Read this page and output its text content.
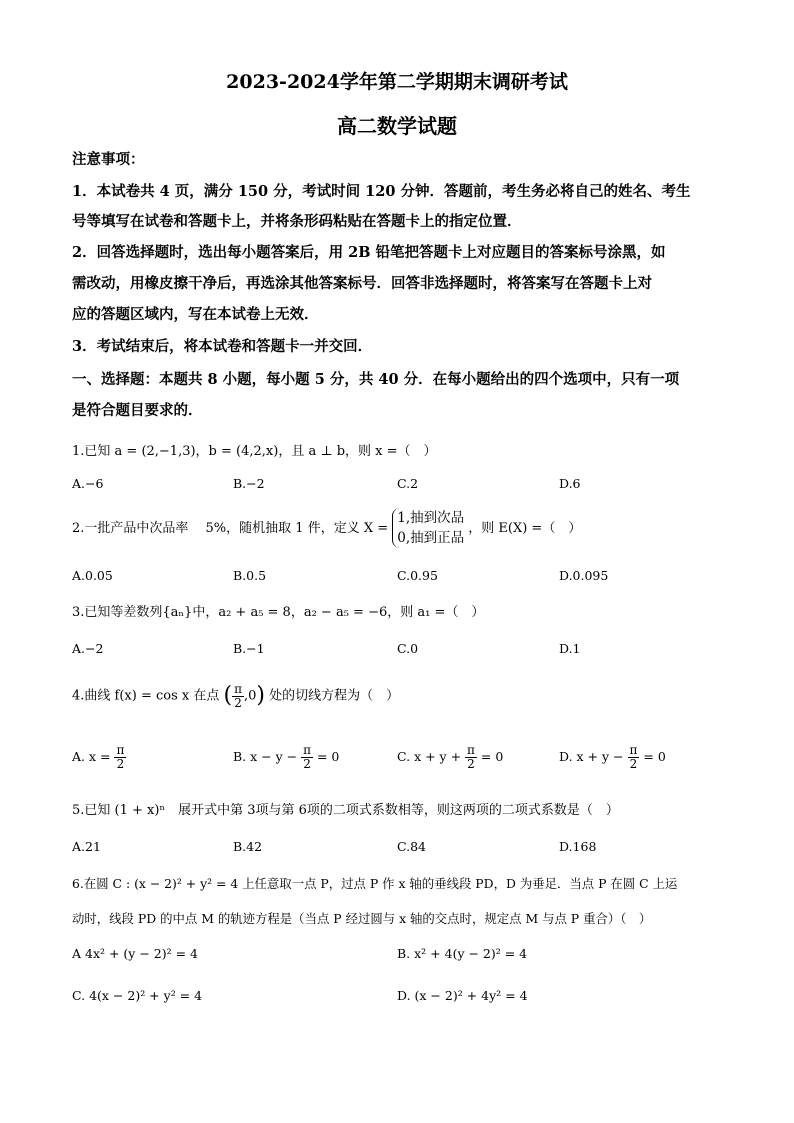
2023-2024学年第二学期期末调研考试
高二数学试题
注意事项：
1．本试卷共 4 页，满分 150 分，考试时间 120 分钟．答题前，考生务必将自己的姓名、考生
号等填写在试卷和答题卡上，并将条形码粘贴在答题卡上的指定位置．
2．回答选择题时，选出每小题答案后，用 2B 铅笔把答题卡上对应题目的答案标号涂黑，如
需改动，用橡皮擦干净后，再选涂其他答案标号．回答非选择题时，将答案写在答题卡上对
应的答题区域内，写在本试卷上无效．
3．考试结束后，将本试卷和答题卡一并交回．
一、选择题：本题共 8 小题，每小题 5 分，共 40 分．在每小题给出的四个选项中，只有一项
是符合题目要求的．
1.已知 a = (2,−1,3)，b = (4,2,x)，且 a ⊥ b，则 x =（　）
A.−6	B.−2	C.2	D.6
2.一批产品中次品率　 5%，随机抽取 1 件，定义 X =
1,抽到次品
0,抽到正品
，则 E(X) =（　）
A.0.05	B.0.5	C.0.95	D.0.095
3.已知等差数列{aₙ}中，a₂ + a₅ = 8，a₂ − a₅ = −6，则 a₁ =（　）
A.−2	B.−1	C.0	D.1
4.曲线 f(x) = cos x 在点 ( $\frac{\pi}{2} ,0$) 处的切线方程为（　）
A. $x = \frac{\pi}{2}$	B. $x - y - \frac{\pi}{2} = 0$	C. $x + y + \frac{\pi}{2} = 0$	D. $x + y - \frac{\pi}{2} = 0$
5.已知 (1 + x)ⁿ　展开式中第 3项与第 6项的二项式系数相等，则这两项的二项式系数是（　）
A.21	B.42	C.84	D.168
6.在圆 C : (x − 2)² + y² = 4 上任意取一点 P，过点 P 作 x 轴的垂线段 PD，D 为垂足．当点 P 在圆 C 上运
动时，线段 PD 的中点 M 的轨迹方程是（当点 P 经过圆与 x 轴的交点时，规定点 M 与点 P 重合）（　）
A 4x² + (y − 2)² = 4	B. x² + 4(y − 2)² = 4
C. 4(x − 2)² + y² = 4	D. (x − 2)² + 4y² = 4
